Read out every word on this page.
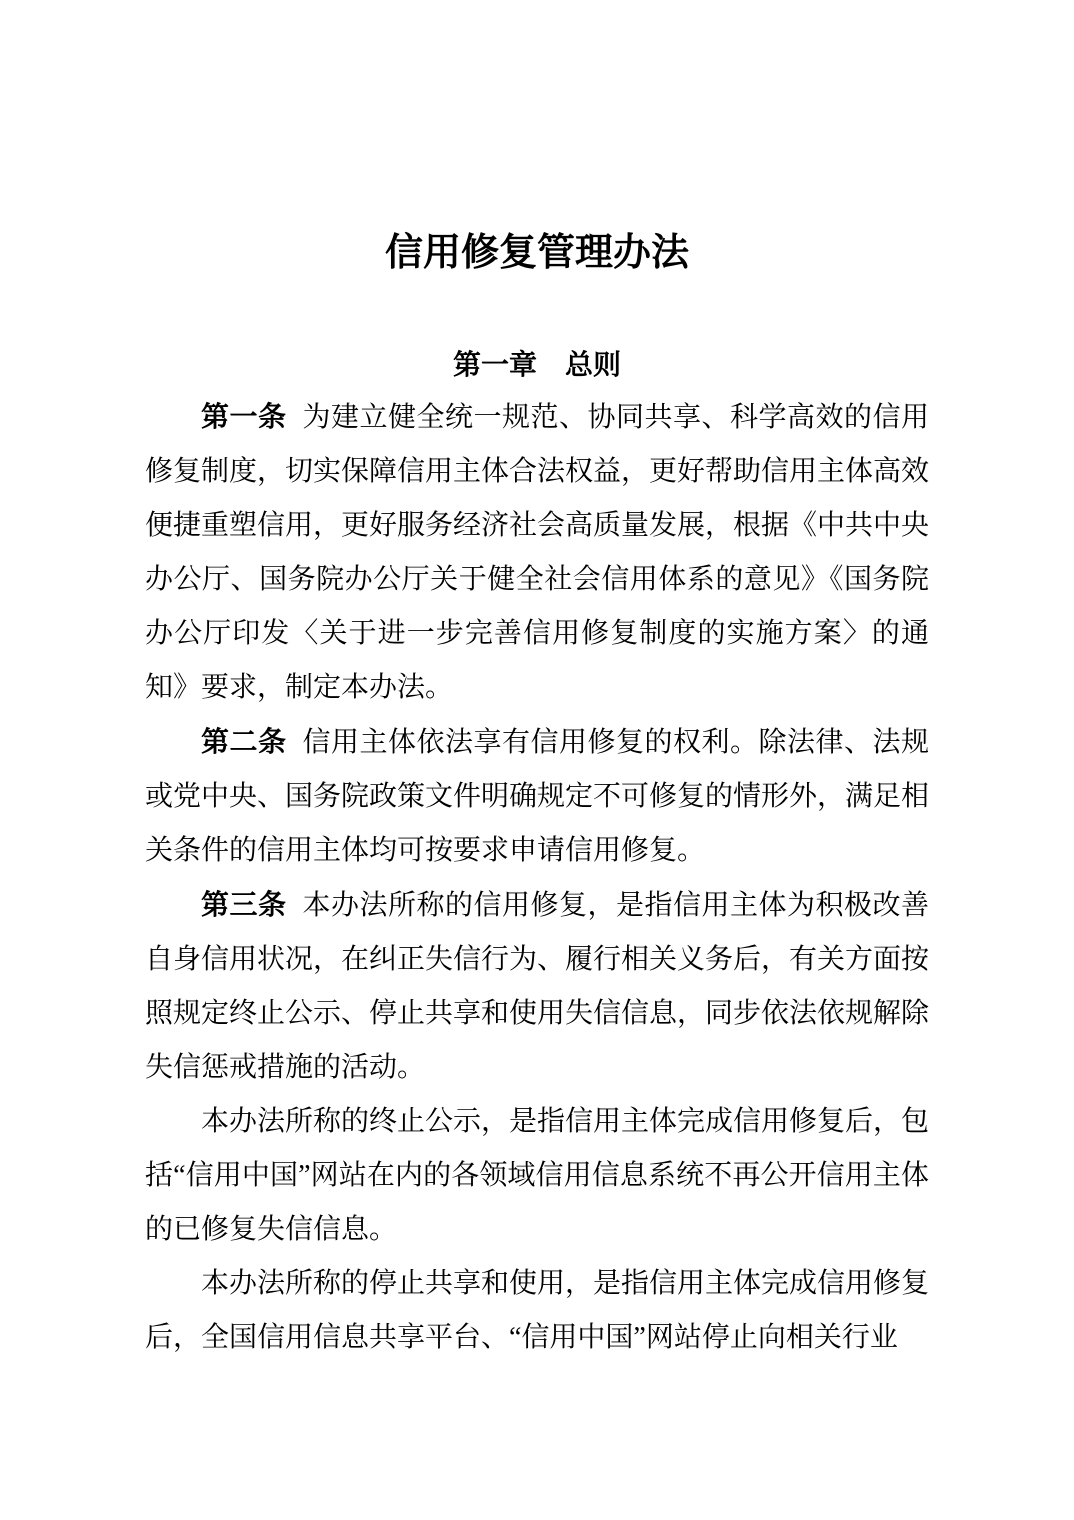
信用修复管理办法
第一章 总则

第一条 为建立健全统一规范、协同共享、科学高效的信用修复制度，切实保障信用主体合法权益，更好帮助信用主体高效便捷重塑信用，更好服务经济社会高质量发展，根据《中共中央办公厅、国务院办公厅关于健全社会信用体系的意见》《国务院办公厅印发〈关于进一步完善信用修复制度的实施方案〉的通知》要求，制定本办法。

第二条 信用主体依法享有信用修复的权利。除法律、法规或党中央、国务院政策文件明确规定不可修复的情形外，满足相关条件的信用主体均可按要求申请信用修复。

第三条 本办法所称的信用修复，是指信用主体为积极改善自身信用状况，在纠正失信行为、履行相关义务后，有关方面按照规定终止公示、停止共享和使用失信信息，同步依法依规解除失信惩戒措施的活动。

本办法所称的终止公示，是指信用主体完成信用修复后，包括“信用中国”网站在内的各领域信用信息系统不再公开信用主体的已修复失信信息。

本办法所称的停止共享和使用，是指信用主体完成信用修复后，全国信用信息共享平台、“信用中国”网站停止向相关行业
